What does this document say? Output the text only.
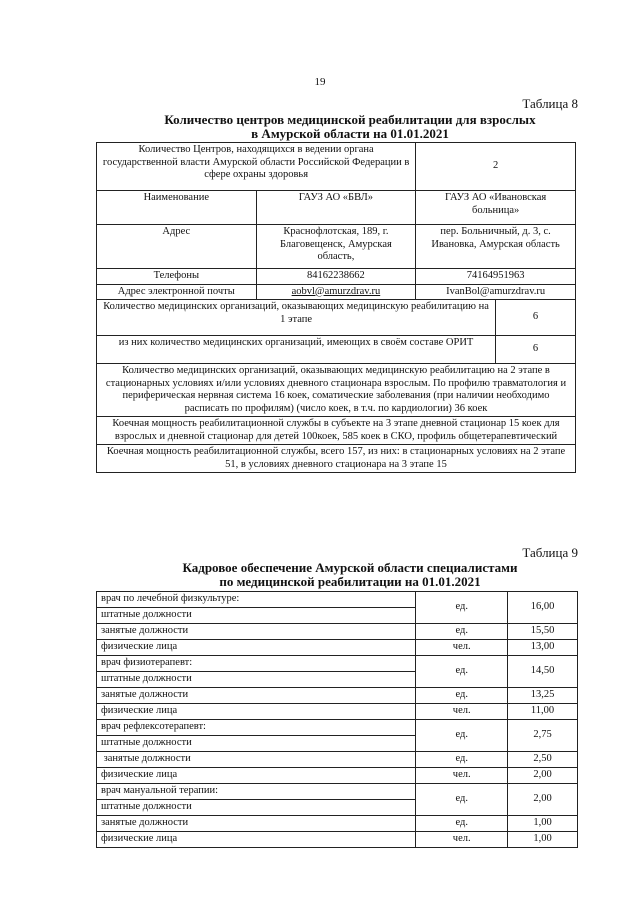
19
Таблица 8
Количество центров медицинской реабилитации для взрослых
в Амурской области на 01.01.2021
Количество Центров, находящихся в ведении органа государственной власти Амурской области Российской Федерации в сфере охраны здоровья		2	
Наименование	ГАУЗ АО «БВЛ»	ГАУЗ АО «Ивановская больница»	
Адрес	Краснофлотская, 189, г. Благовещенск, Амурская область,	пер. Больничный, д. 3, с. Ивановка, Амурская область	
Телефоны	84162238662	74164951963	
Адрес электронной почты	aobvl@amurzdrav.ru	IvanBol@amurzdrav.ru	
Количество медицинских организаций, оказывающих медицинскую реабилитацию на 1 этапе			6
из них количество медицинских организаций, имеющих в своём составе ОРИТ			6
Количество медицинских организаций, оказывающих медицинскую реабилитацию на 2 этапе в стационарных условиях и/или условиях дневного стационара взрослым. По профилю травматология и периферическая нервная система 16 коек, соматические заболевания (при наличии необходимо расписать по профилям) (число коек, в т.ч. по кардиологии) 36 коек			
Коечная мощность реабилитационной службы в субъекте на 3 этапе дневной стационар 15 коек для взрослых и дневной стационар для детей 100коек, 585 коек в СКО, профиль общетерапевтический			
Коечная мощность реабилитационной службы, всего 157, из них: в стационарных условиях на 2 этапе 51, в условиях дневного стационара на 3 этапе 15			
Таблица 9
Кадровое обеспечение Амурской области специалистами
по медицинской реабилитации на 01.01.2021
врач по лечебной физкультуре:	ед.	16,00
штатные должности		
занятые должности	ед.	15,50
физические лица	чел.	13,00
врач физиотерапевт:	ед.	14,50
штатные должности		
занятые должности	ед.	13,25
физические лица	чел.	11,00
врач рефлексотерапевт:	ед.	2,75
штатные должности		
занятые должности	ед.	2,50
физические лица	чел.	2,00
врач мануальной терапии:	ед.	2,00
штатные должности		
занятые должности	ед.	1,00
физические лица	чел.	1,00
